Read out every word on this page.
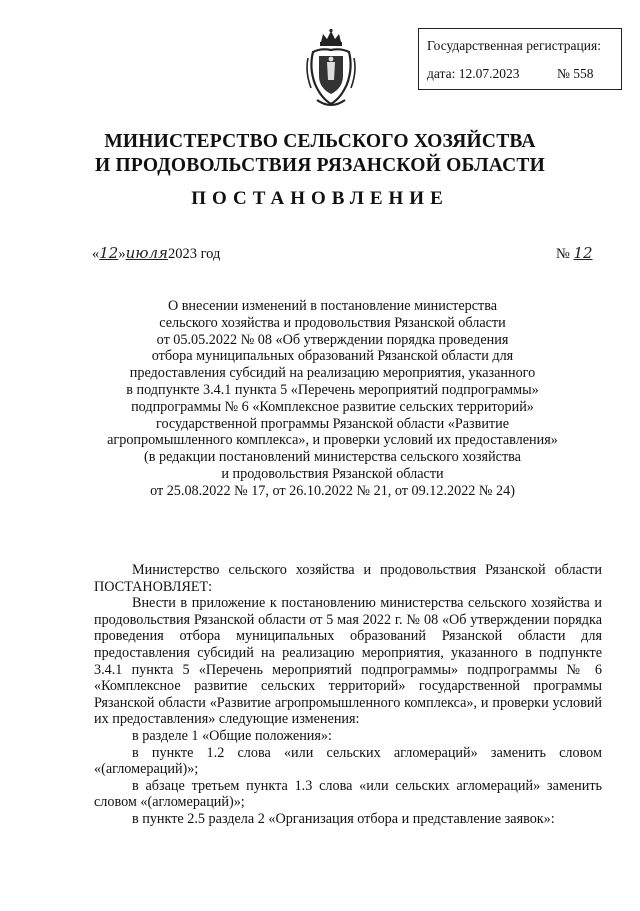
Государственная регистрация:
дата: 12.07.2023	№ 558
МИНИСТЕРСТВО СЕЛЬСКОГО ХОЗЯЙСТВА
И ПРОДОВОЛЬСТВИЯ РЯЗАНСКОЙ ОБЛАСТИ
ПОСТАНОВЛЕНИЕ
«12»июля2023 год	№ 12
О внесении изменений в постановление министерства
сельского хозяйства и продовольствия Рязанской области
от 05.05.2022 № 08 «Об утверждении порядка проведения
отбора муниципальных образований Рязанской области для
предоставления субсидий на реализацию мероприятия, указанного
в подпункте 3.4.1 пункта 5 «Перечень мероприятий подпрограммы»
подпрограммы № 6 «Комплексное развитие сельских территорий»
государственной программы Рязанской области «Развитие
агропромышленного комплекса», и проверки условий их предоставления»
(в редакции постановлений министерства сельского хозяйства
и продовольствия Рязанской области
от 25.08.2022 № 17, от 26.10.2022 № 21, от 09.12.2022 № 24)

Министерство сельского хозяйства и продовольствия Рязанской области ПОСТАНОВЛЯЕТ:

Внести в приложение к постановлению министерства сельского хозяйства и продовольствия Рязанской области от 5 мая 2022 г. № 08 «Об утверждении порядка проведения отбора муниципальных образований Рязанской области для предоставления субсидий на реализацию мероприятия, указанного в подпункте 3.4.1 пункта 5 «Перечень мероприятий подпрограммы» подпрограммы № 6 «Комплексное развитие сельских территорий» государственной программы Рязанской области «Развитие агропромышленного комплекса», и проверки условий их предоставления» следующие изменения:

в разделе 1 «Общие положения»:

в пункте 1.2 слова «или сельских агломераций» заменить словом «(агломераций)»;

в абзаце третьем пункта 1.3 слова «или сельских агломераций» заменить словом «(агломераций)»;

в пункте 2.5 раздела 2 «Организация отбора и представление заявок»:
